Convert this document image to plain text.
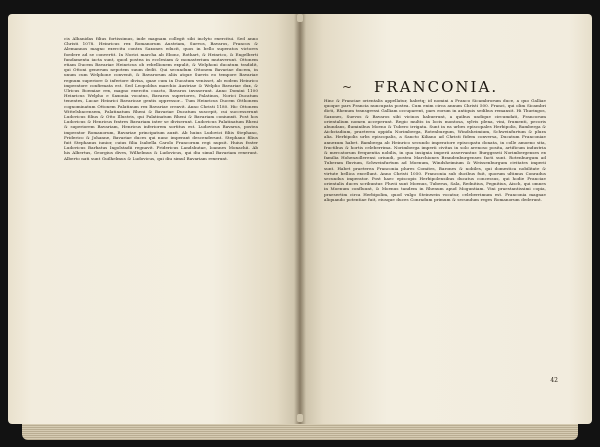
cis Albanidas filius fortissimus, inde magnam collegit sibi inclyto exercitui. Sed anno Christi 1078. Heinricus rex Romanorum Austriam, Suevos, Bavaros, Francos & Alemannos magno exercitu contra Saxones educit, quos in bello superatos victores foedere ad se convertit. In Norici marcha ab Ebonc, Rothart, & Heinrico, & Engelberti fundamenta iacta sunt, quod postea in ecclesiam & monasterium mutaverunt. Ottonem etiam Ducem Bavariae Heinricus ob rebellionem expulit, & Welphoni ducatum tradidit, qui Ottoni generum nepotem suum dedit. Qui secundum Ottonem Bavariae ducem, in unum cum Welphone convenit, & Bavarorum aliis atque Suevis eo tempore Bavariae regnum superiore & inferiore divisa, quae cum in Ducatum venisset, ab eodem Heinrico imperatore confirmata est. Sed Leopoldus marchio Austriae & Welpho Bavariae dux, & Ulricus Boemiae rex, magno exercitu coacto, Bavaros invaserunt. Anno Domini 1100 Heinricus Welpho e Saxonia vocatus, Bavaros superiores, Palatinos, Norici Ducatum tenentes, Lucae Heinrici Bavaricae gentis oppressor... Tum Heinricus Ducem Otthonem cognominatum Ottonem Palatinum rex Bavariae creavit. Anno Christi 1180. Hic Ottonem Wittelsbacensem, Palatinatum Rheni & Bavariae Ducatum suscepit, cui successerunt Ludovicus filius & Otto Illustris, qui Palatinatum Rheni & Bavariam coniunxit. Post hos Ludovicus & Henricus fratres Bavariam inter se diviserunt. Ludovicus Palatinatum Rheni & superiorem Bavariam, Henricus inferiorem sortitus est. Ludovicus Bavarus, postea imperator Romanorum, Bavariae principatum auxit. Ab huius Ludovici filiis Stephano, Friderico & Johanne, Bavariae duces qui nunc imperant descenderunt. Stephano filius fuit Stephanus iunior, cuius filia Isabella Carolo Francorum regi nupsit. Huius frater Ludovicus Barbatus Ingolstadii regnavit. Fridericus Landshutae, Ioannes Monachii. Ab his Albertus, Georgius dives, Wilhelmus & Ludovicus, qui diu simul Bavariam rexerunt. Alberto nati sunt Guilhelmus & Ludovicus, qui diu simul Bavariam rexerunt.
~ FRANCONIA.
Hinc & Franciae orientalis appellatur, habetq; id nomini a Franco Sicambrorum duce, a quo Galliae quoque pars Francia nuncupata postea. Cum enim circa annum Christi 500. Franci, qui olim Sicambri dicti, Rhenum transgressi Galliam occuparent, pars eorum in antiquis sedibus remansit. Hi Thuringos, Saxones, Suevos & Bavaros sibi vicinos habuerunt, a quibus undique circumdati, Francorum orientalium nomen acceperunt. Regio multis in locis montosa, sylvis plena, vini, frumenti, pecoris abundans, fluminibus Moeno & Tubero irrigata. Sunt in ea urbes episcopales Herbipolis, Bamberga & Aichstadium, praeterea oppida Norimberga, Rotenburgum, Windsheimium, Schweinfurtum & plura alia. Herbipolis urbs episcopalis, a Sancto Kiliano ad Christi fidem conversa, Ducatum Franconiae annexum habet. Bamberga ab Heinrico secundo imperatore episcopatu donata, in colle amoeno sita, fructibus & hortis celeberrima. Norimberga imperii civitas in solo arenoso posita, artificum industria & mercatorum frequentia nobilis, in qua insignia imperii asservantur. Burggravii Norimbergenses ex familia Hohenzollerensi oriundi, postea Marchiones Brandenburgenses facti sunt. Rotenburgum ad Tuberam fluvium, Schweinfurtum ad Moenum, Windsheimium & Weissenburgum civitates imperii sunt. Habet praeterea Franconia plures Comites, Barones & nobiles, qui domestica nobilitate & virtute bellica excellunt. Anno Christi 1050. Franconia sub ducibus fuit, quorum ultimus Conradus secundus imperator. Post haec episcopis Herbipolensibus ducatus concessus, qui hodie Franciae orientalis duces scribuntur. Fluvii sunt Moenus, Tuberus, Sala, Rednitius, Pegnitius, Aisch, qui omnes in Moenum confluunt, & Moenus tandem in Rhenum apud Moguntiam. Vini praestantissimi copia, praesertim circa Herbipolim, quod vulgo Steinwein vocatur, celeberrimum est. Franconia magnae aliquando potentiae fuit, eiusque duces Conradum primum & secundum reges Romanorum dederunt.
42
